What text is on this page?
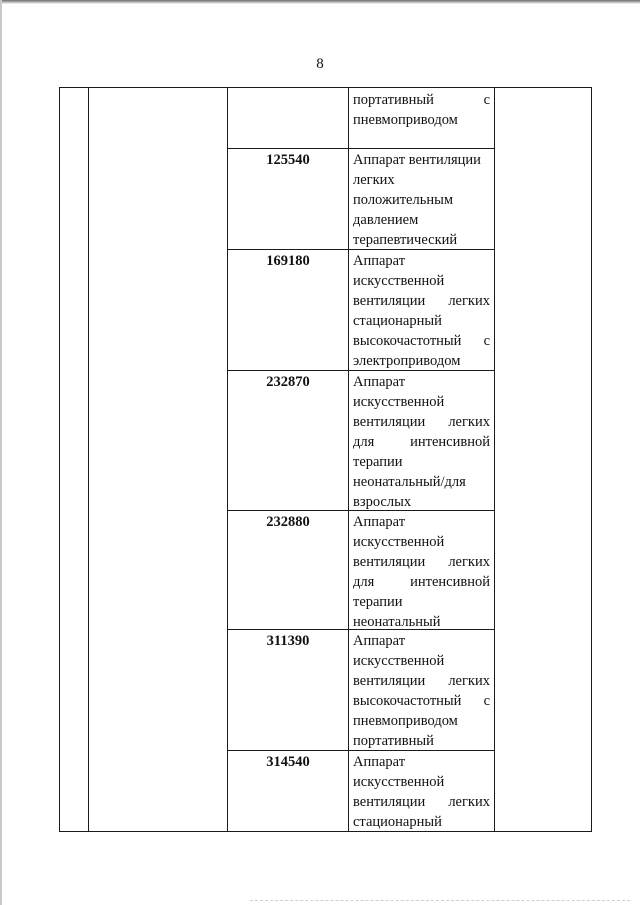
8
портативный	с
пневмоприводом
125540	Аппарат вентиляции
легких
положительным
давлением
терапевтический
169180	Аппарат
искусственной
вентиляции легких
стационарный
высокочастотный с
электроприводом
232870	Аппарат
искусственной
вентиляции легких
для интенсивной
терапии
неонатальный/для
взрослых
232880	Аппарат
искусственной
вентиляции легких
для интенсивной
терапии
неонатальный
311390	Аппарат
искусственной
вентиляции легких
высокочастотный с
пневмоприводом
портативный
314540	Аппарат
искусственной
вентиляции легких
стационарный
